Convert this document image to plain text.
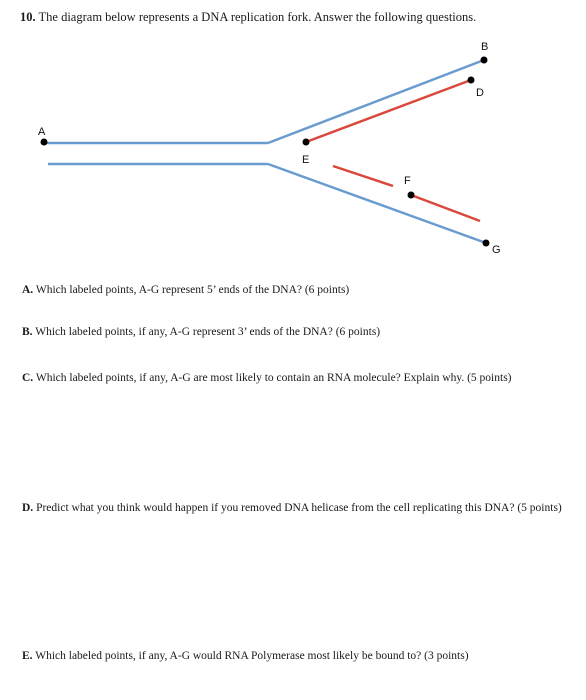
10. The diagram below represents a DNA replication fork. Answer the following questions.
A
B
D
E
F
G
A. Which labeled points, A-G represent 5’ ends of the DNA? (6 points)
B. Which labeled points, if any, A-G represent 3’ ends of the DNA? (6 points)
C. Which labeled points, if any, A-G are most likely to contain an RNA molecule? Explain why. (5 points)
D. Predict what you think would happen if you removed DNA helicase from the cell replicating this DNA? (5 points)
E. Which labeled points, if any, A-G would RNA Polymerase most likely be bound to? (3 points)
